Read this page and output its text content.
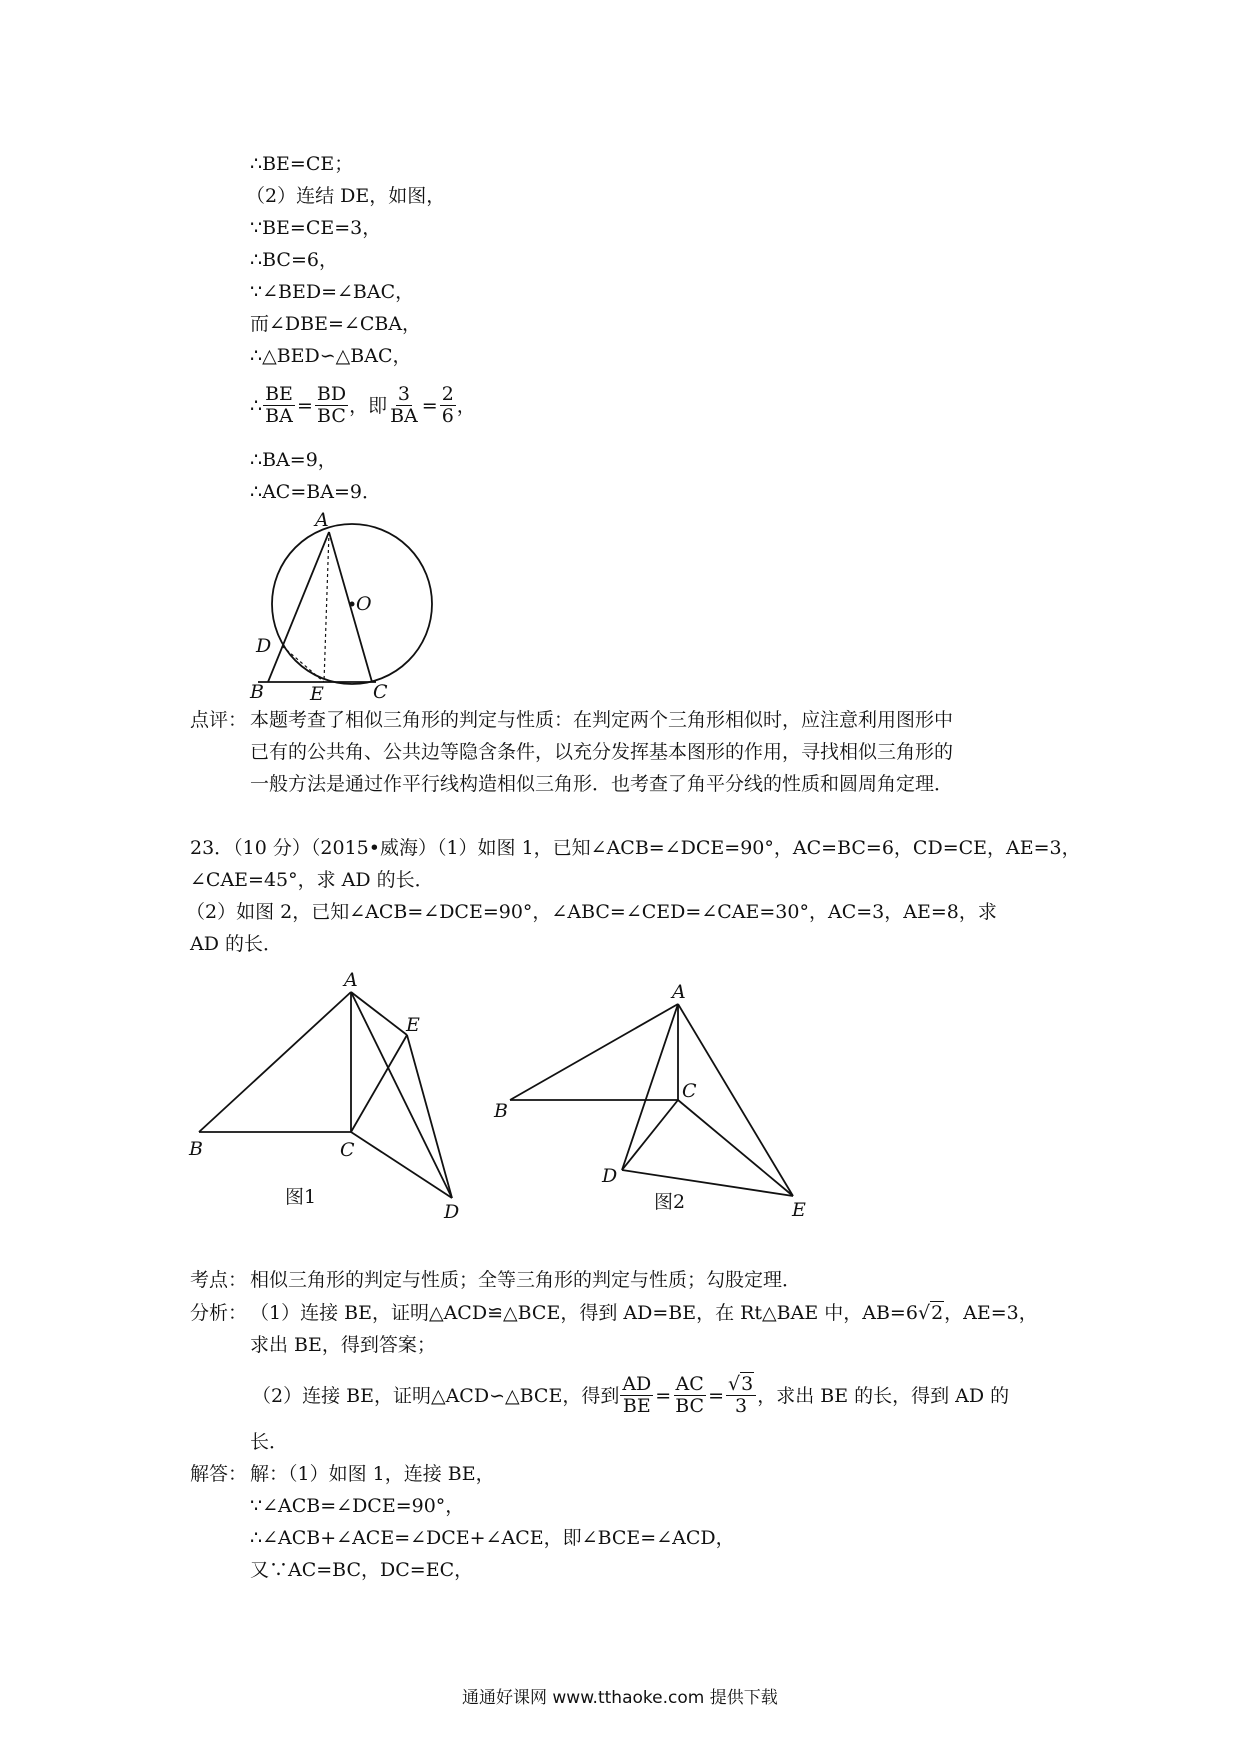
∴BE=CE；
（2）连结 DE，如图，
∵BE=CE=3，
∴BC=6，
∵∠BED=∠BAC，
而∠DBE=∠CBA，
∴△BED∽△BAC，
∴ $\frac{BE}{BA} = \frac{BD}{BC}$ ，即 $\frac{3}{BA} = \frac{2}{6}$ ，
∴BA=9，
∴AC=BA=9．
A
O
D
B E	C
点评： 本题考查了相似三角形的判定与性质：在判定两个三角形相似时，应注意利用图形中
已有的公共角、公共边等隐含条件，以充分发挥基本图形的作用，寻找相似三角形的
一般方法是通过作平行线构造相似三角形．也考查了角平分线的性质和圆周角定理．
23．（10 分）（2015•威海）（1）如图 1，已知∠ACB=∠DCE=90°，AC=BC=6，CD=CE，AE=3，
∠CAE=45°，求 AD 的长．
（2）如图 2，已知∠ACB=∠DCE=90°，∠ABC=∠CED=∠CAE=30°，AC=3，AE=8，求
AD 的长．
A
E
B	C
D
图1
A
B
C
D
E
图2
考点： 相似三角形的判定与性质；全等三角形的判定与性质；勾股定理．
分析： （1）连接 BE，证明△ACD≌△BCE，得到 AD=BE，在 Rt△BAE 中，AB=6√2，AE=3，
求出 BE，得到答案；
（2）连接 BE，证明△ACD∽△BCE，得到 $\frac{AD}{BE} = \frac{AC}{BC} = \frac{√3}{3}$ ，求出 BE 的长，得到 AD 的
长．
解答： 解：（1）如图 1，连接 BE，
∵∠ACB=∠DCE=90°，
∴∠ACB+∠ACE=∠DCE+∠ACE，即∠BCE=∠ACD，
又∵AC=BC，DC=EC，
通通好课网 www.tthaoke.com 提供下载
